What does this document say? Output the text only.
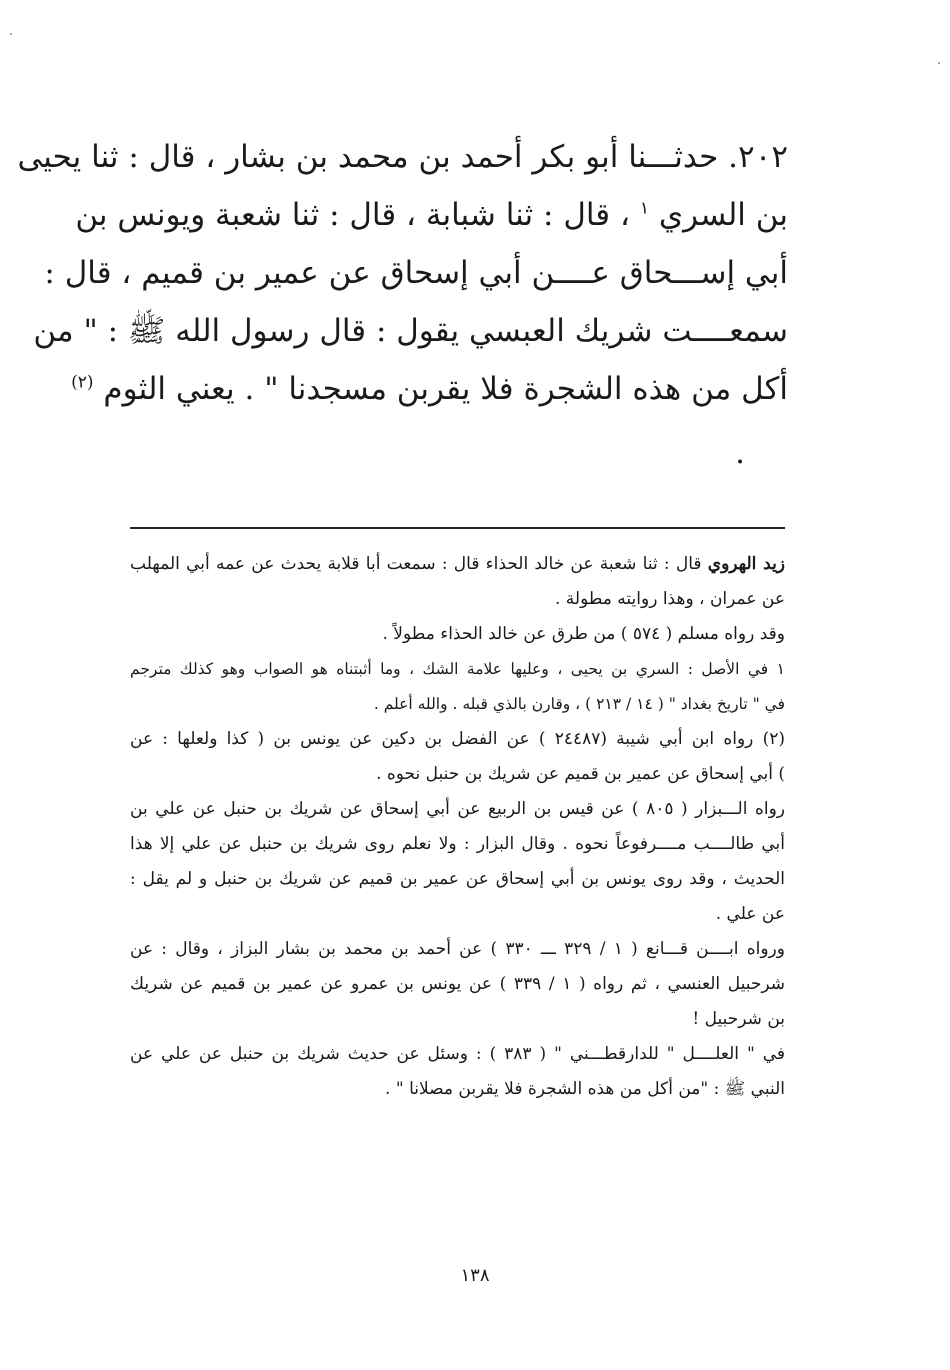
٢٠٢. حدثـــنا أبو بكر أحمد بن محمد بن بشار ، قال : ثنا يحيى
بن السري $^١$ ، قال : ثنا شبابة ، قال : ثنا شعبة ويونس بن
أبي إســـحاق عــــن أبي إسحاق عن عمير بن قميم ، قال :
سمعــــت شريك العبسي يقول : قال رسول الله ﷺ : " من
أكل من هذه الشجرة فلا يقربن مسجدنا " . يعني الثوم $^{(٢)}$
.
زيد الهروي قال : ثنا شعبة عن خالد الحذاء قال : سمعت أبا قلابة يحدث عن عمه أبي المهلب
عن عمران ، وهذا روايته مطولة .
وقد رواه مسلم ( ٥٧٤ ) من طرق عن خالد الحذاء مطولاً .
١ في الأصل : السري بن يحيى ، وعليها علامة الشك ، وما أثبتناه هو الصواب وهو كذلك مترجم
في " تاريخ بغداد " ( ١٤ / ٢١٣ ) ، وقارن بالذي قبله . والله أعلم .
(٢) رواه ابن أبي شيبة (٢٤٤٨٧ ) عن الفضل بن دكين عن يونس بن ( كذا ولعلها : عن
) أبي إسحاق عن عمير بن قميم عن شريك بن حنبل نحوه .
رواه الـــبزار ( ٨٠٥ ) عن قيس بن الربيع عن أبي إسحاق عن شريك بن حنبل عن علي بن
أبي طالــــب مــــرفوعاً نحوه . وقال البزار : ولا نعلم روى شريك بن حنبل عن علي إلا هذا
الحديث ، وقد روى يونس بن أبي إسحاق عن عمير بن قميم عن شريك بن حنبل و لم يقل :
عن علي .
ورواه ابــــن قـــانع ( ١ / ٣٢٩ ـــ ٣٣٠ ) عن أحمد بن محمد بن بشار البزاز ، وقال : عن
شرحبيل العنسي ، ثم رواه ( ١ / ٣٣٩ ) عن يونس بن عمرو عن عمير بن قميم عن شريك
بن شرحبيل !
في " العلــــل " للدارقطـــني " ( ٣٨٣ ) : وسئل عن حديث شريك بن حنبل عن علي عن
النبي ﷺ : "من أكل من هذه الشجرة فلا يقربن مصلانا " .
١٣٨
